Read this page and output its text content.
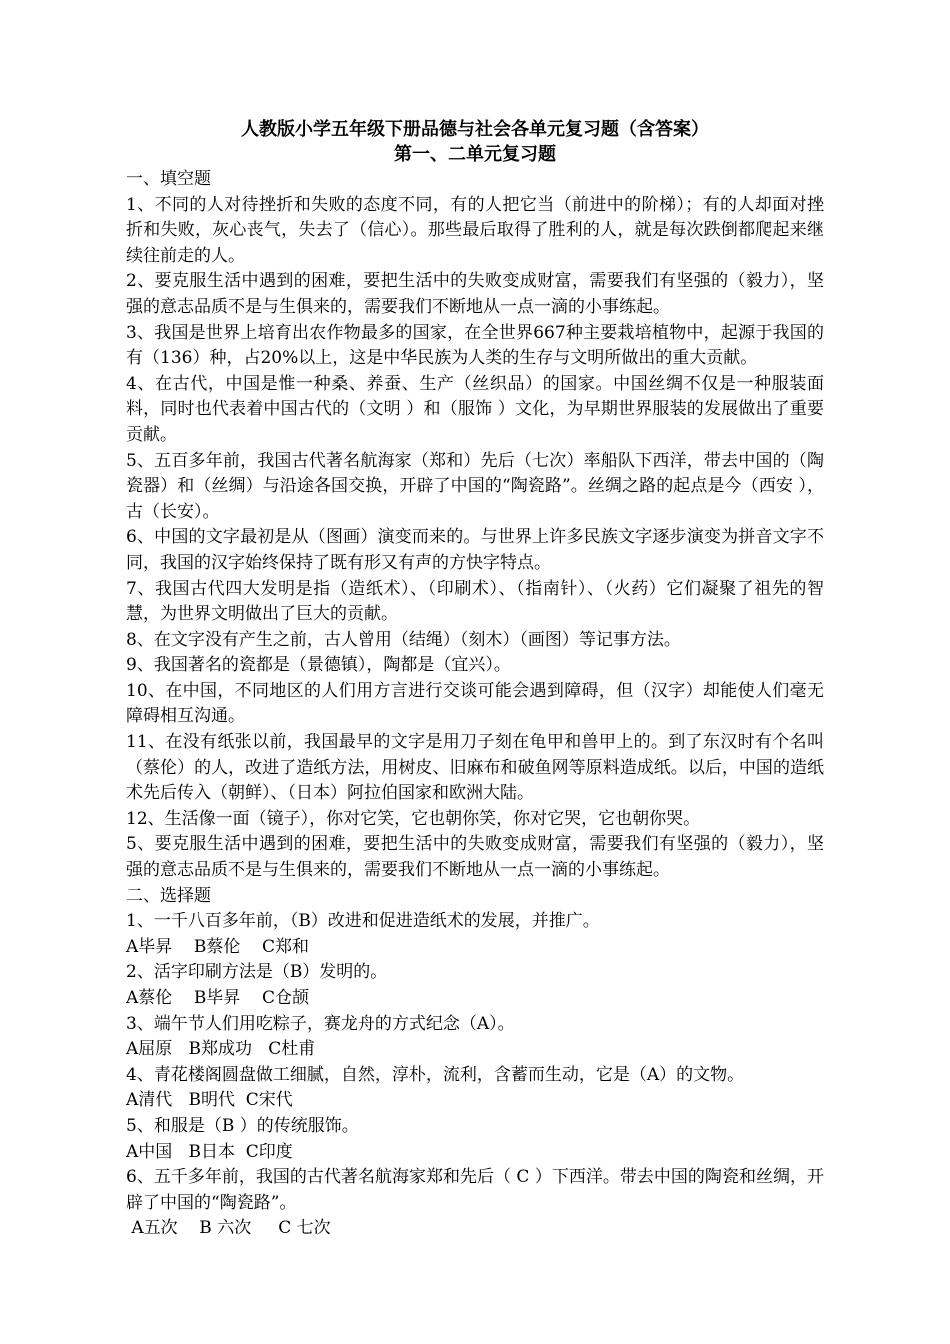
人教版小学五年级下册品德与社会各单元复习题（含答案）
第一、二单元复习题
一、填空题

1、不同的人对待挫折和失败的态度不同，有的人把它当（前进中的阶梯）；有的人却面对挫折和失败，灰心丧气，失去了（信心）。那些最后取得了胜利的人，就是每次跌倒都爬起来继续往前走的人。

2、要克服生活中遇到的困难，要把生活中的失败变成财富，需要我们有坚强的（毅力），坚强的意志品质不是与生俱来的，需要我们不断地从一点一滴的小事练起。

3、我国是世界上培育出农作物最多的国家，在全世界667种主要栽培植物中，起源于我国的有（136）种，占20%以上，这是中华民族为人类的生存与文明所做出的重大贡献。

4、在古代，中国是惟一种桑、养蚕、生产（丝织品）的国家。中国丝绸不仅是一种服装面料，同时也代表着中国古代的（文明 ）和（服饰 ）文化，为早期世界服装的发展做出了重要贡献。

5、五百多年前，我国古代著名航海家（郑和）先后（七次）率船队下西洋，带去中国的（陶瓷器）和（丝绸）与沿途各国交换，开辟了中国的“陶瓷路”。丝绸之路的起点是今（西安 ），古（长安）。

6、中国的文字最初是从（图画）演变而来的。与世界上许多民族文字逐步演变为拼音文字不同，我国的汉字始终保持了既有形又有声的方快字特点。

7、我国古代四大发明是指（造纸术）、（印刷术）、（指南针）、（火药）它们凝聚了祖先的智慧，为世界文明做出了巨大的贡献。

8、在文字没有产生之前，古人曾用（结绳）（刻木）（画图）等记事方法。

9、我国著名的瓷都是（景德镇），陶都是（宜兴）。

10、在中国，不同地区的人们用方言进行交谈可能会遇到障碍，但（汉字）却能使人们毫无障碍相互沟通。

11、在没有纸张以前，我国最早的文字是用刀子刻在龟甲和兽甲上的。到了东汉时有个名叫（蔡伦）的人，改进了造纸方法，用树皮、旧麻布和破鱼网等原料造成纸。以后，中国的造纸术先后传入（朝鲜）、（日本）阿拉伯国家和欧洲大陆。

12、生活像一面（镜子），你对它笑，它也朝你笑，你对它哭，它也朝你哭。

5、要克服生活中遇到的困难，要把生活中的失败变成财富，需要我们有坚强的（毅力），坚强的意志品质不是与生俱来的，需要我们不断地从一点一滴的小事练起。

二、选择题

1、一千八百多年前，（B）改进和促进造纸术的发展，并推广。

A毕昇    B蔡伦    C郑和

2、活字印刷方法是（B）发明的。

A蔡伦    B毕昇    C仓颉

3、端午节人们用吃粽子，赛龙舟的方式纪念（A）。

A屈原   B郑成功   C杜甫

4、青花楼阁圆盘做工细腻，自然，淳朴，流利，含蓄而生动，它是（A）的文物。

A清代   B明代  C宋代

5、和服是（B ）的传统服饰。

A中国   B日本  C印度

6、五千多年前，我国的古代著名航海家郑和先后（ C ）下西洋。带去中国的陶瓷和丝绸，开辟了中国的“陶瓷路”。

A五次    B 六次     C 七次
